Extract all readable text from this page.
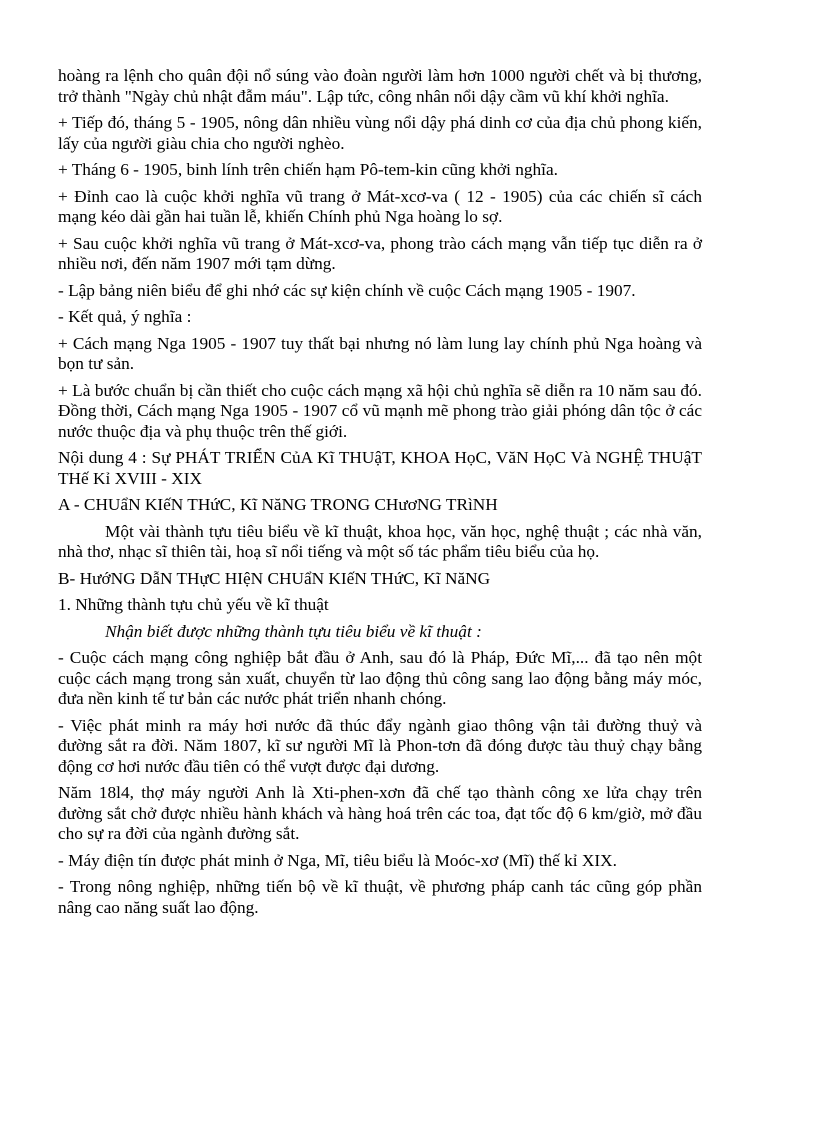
hoàng ra lệnh cho quân đội nổ súng vào đoàn người làm hơn 1000 người chết và bị thương, trở thành "Ngày chủ nhật đẫm máu". Lập tức, công nhân nổi dậy cầm vũ khí khởi nghĩa.

+ Tiếp đó, tháng 5 - 1905, nông dân nhiều vùng nổi dậy phá dinh cơ của địa chủ phong kiến, lấy của người giàu chia cho người nghèo.

+ Tháng 6 - 1905, binh lính trên chiến hạm Pô-tem-kin cũng khởi nghĩa.

+ Đỉnh cao là cuộc khởi nghĩa vũ trang ở Mát-xcơ-va ( 12 - 1905) của các chiến sĩ cách mạng kéo dài gần hai tuần lễ, khiến Chính phủ Nga hoàng lo sợ.

+ Sau cuộc khởi nghĩa vũ trang ở Mát-xcơ-va, phong trào cách mạng vẫn tiếp tục diễn ra ở nhiều nơi, đến năm 1907 mới tạm dừng.

- Lập bảng niên biểu để ghi nhớ các sự kiện chính về cuộc Cách mạng 1905 - 1907.

- Kết quả, ý nghĩa :

+ Cách mạng Nga 1905 - 1907 tuy thất bại nhưng nó làm lung lay chính phủ Nga hoàng và bọn tư sản.

+ Là bước chuẩn bị cần thiết cho cuộc cách mạng xã hội chủ nghĩa sẽ diễn ra 10 năm sau đó. Đồng thời, Cách mạng Nga 1905 - 1907 cổ vũ mạnh mẽ phong trào giải phóng dân tộc ở các nước thuộc địa và phụ thuộc trên thế giới.

Nội dung 4 : Sự PHÁT TRIỂN CủA Kĩ THUậT, KHOA HọC, VăN HọC Và NGHỆ THUậT THế Kỉ XVIII - XIX

A - CHUẩN KIếN THứC, Kĩ NăNG TRONG CHươNG TRìNH

Một vài thành tựu tiêu biểu về kĩ thuật, khoa học, văn học, nghệ thuật ; các nhà văn, nhà thơ, nhạc sĩ thiên tài, hoạ sĩ nổi tiếng và một số tác phẩm tiêu biểu của họ.

B- HướNG DẫN THựC HIệN CHUẩN KIếN THứC, Kĩ NăNG

1. Những thành tựu chủ yếu về kĩ thuật

Nhận biết được những thành tựu tiêu biểu về kĩ thuật :

- Cuộc cách mạng công nghiệp bắt đầu ở Anh, sau đó là Pháp, Đức Mĩ,... đã tạo nên một cuộc cách mạng trong sản xuất, chuyển từ lao động thủ công sang lao động bằng máy móc, đưa nền kinh tế tư bản các nước phát triển nhanh chóng.

- Việc phát minh ra máy hơi nước đã thúc đẩy ngành giao thông vận tải đường thuỷ và đường sắt ra đời. Năm 1807, kĩ sư người Mĩ là Phon-tơn đã đóng được tàu thuỷ chạy bằng động cơ hơi nước đầu tiên có thể vượt được đại dương.

Năm 18l4, thợ máy người Anh là Xti-phen-xơn đã chế tạo thành công xe lửa chạy trên đường sắt chở được nhiều hành khách và hàng hoá trên các toa, đạt tốc độ 6 km/giờ, mở đầu cho sự ra đời của ngành đường sắt.

- Máy điện tín được phát minh ở Nga, Mĩ, tiêu biểu là Moóc-xơ (Mĩ) thế kỉ XIX.

- Trong nông nghiệp, những tiến bộ về kĩ thuật, về phương pháp canh tác cũng góp phần nâng cao năng suất lao động.
